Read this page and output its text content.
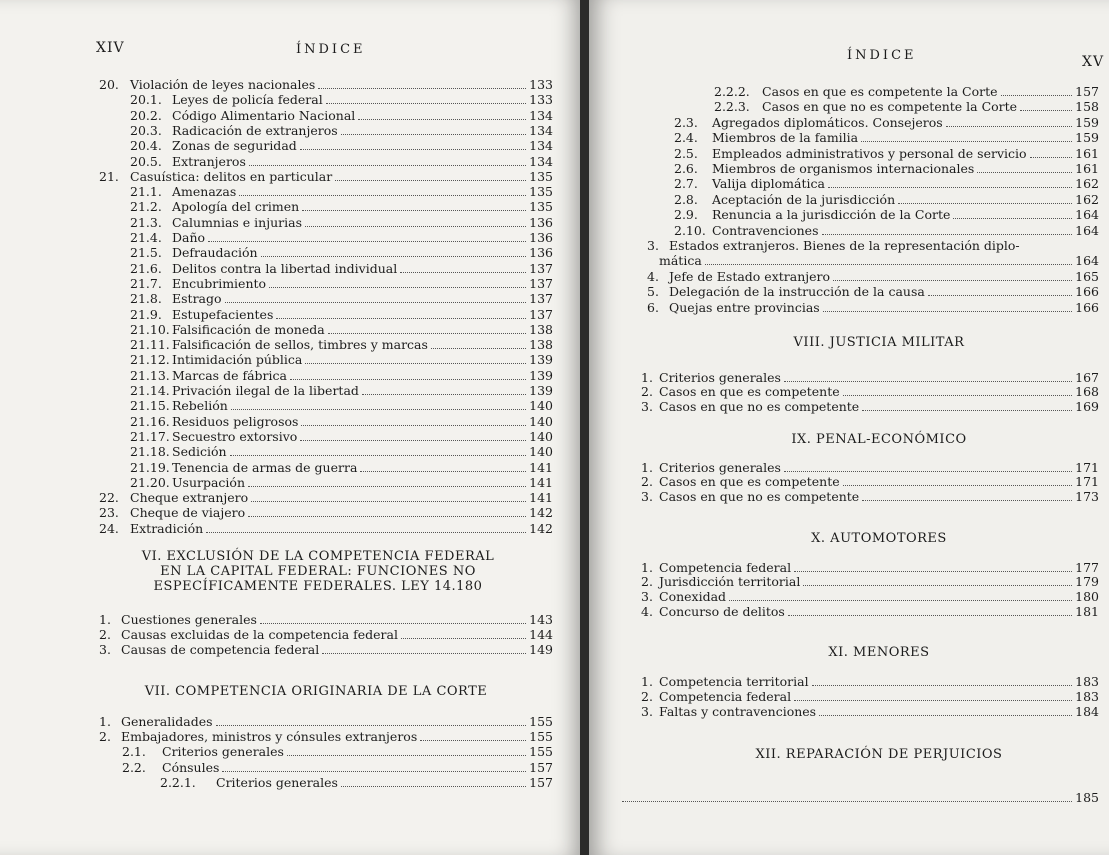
XIV	ÍNDICE
20. Violación de leyes nacionales	133
20.1. Leyes de policía federal	133
20.2. Código Alimentario Nacional	134
20.3. Radicación de extranjeros	134
20.4. Zonas de seguridad	134
20.5. Extranjeros	134
21. Casuística: delitos en particular	135
21.1. Amenazas	135
21.2. Apología del crimen	135
21.3. Calumnias e injurias	136
21.4. Daño	136
21.5. Defraudación	136
21.6. Delitos contra la libertad individual	137
21.7. Encubrimiento	137
21.8. Estrago	137
21.9. Estupefacientes	137
21.10. Falsificación de moneda	138
21.11. Falsificación de sellos, timbres y marcas	138
21.12. Intimidación pública	139
21.13. Marcas de fábrica	139
21.14. Privación ilegal de la libertad	139
21.15. Rebelión	140
21.16. Residuos peligrosos	140
21.17. Secuestro extorsivo	140
21.18. Sedición	140
21.19. Tenencia de armas de guerra	141
21.20. Usurpación	141
22. Cheque extranjero	141
23. Cheque de viajero	142
24. Extradición	142
VI. EXCLUSIÓN DE LA COMPETENCIA FEDERAL
EN LA CAPITAL FEDERAL: FUNCIONES NO
ESPECÍFICAMENTE FEDERALES. LEY 14.180
1. Cuestiones generales	143
2. Causas excluidas de la competencia federal	144
3. Causas de competencia federal	149
VII. COMPETENCIA ORIGINARIA DE LA CORTE
1. Generalidades	155
2. Embajadores, ministros y cónsules extranjeros	155
2.1.	Criterios generales	155
2.2.	Cónsules	157
2.2.1.	Criterios generales	157
ÍNDICE	XV
2.2.2. Casos en que es competente la Corte	157
2.2.3. Casos en que no es competente la Corte	158
2.3.	Agregados diplomáticos. Consejeros	159
2.4.	Miembros de la familia	159
2.5.	Empleados administrativos y personal de servicio	161
2.6.	Miembros de organismos internacionales	161
2.7.	Valija diplomática	162
2.8.	Aceptación de la jurisdicción	162
2.9.	Renuncia a la jurisdicción de la Corte	164
2.10. Contravenciones	164
3. Estados extranjeros. Bienes de la representación diplo-
mática	164
4. Jefe de Estado extranjero	165
5. Delegación de la instrucción de la causa	166
6. Quejas entre provincias	166
VIII. JUSTICIA MILITAR
1. Criterios generales	167
2. Casos en que es competente	168
3. Casos en que no es competente	169
IX. PENAL-ECONÓMICO
1. Criterios generales	171
2. Casos en que es competente	171
3. Casos en que no es competente	173
X. AUTOMOTORES
1. Competencia federal	177
2. Jurisdicción territorial	179
3. Conexidad	180
4. Concurso de delitos	181
XI. MENORES
1. Competencia territorial	183
2. Competencia federal	183
3. Faltas y contravenciones	184
XII. REPARACIÓN DE PERJUICIOS
185
